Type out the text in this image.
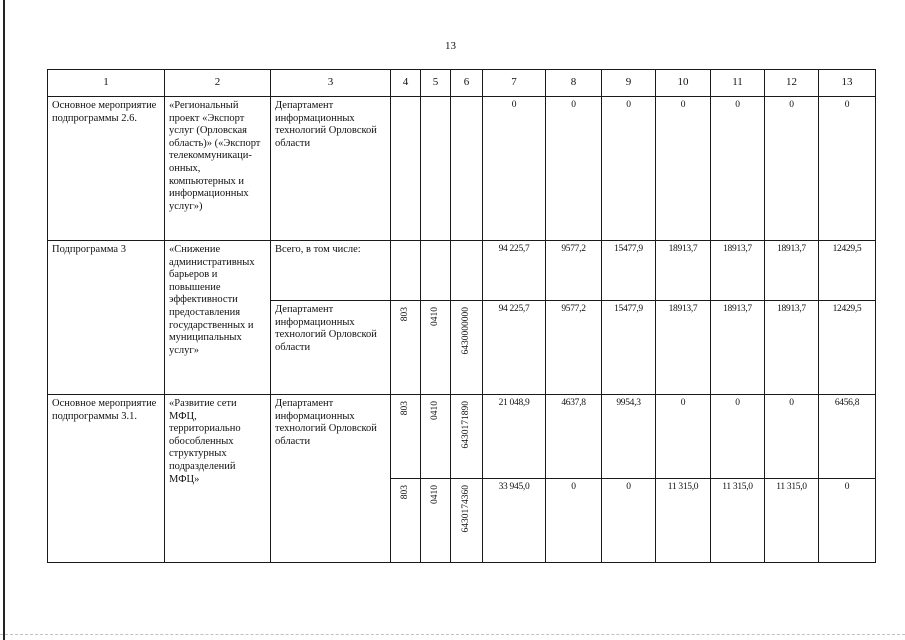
13
1	2	3	4	5	6	7	8	9	10	11	12	13
Основное мероприятие подпрограммы 2.6.	«Региональный проект «Экспорт услуг (Орловская область)» («Экспорт телекоммуникаци-онных, компьютерных и информационных услуг»)	Департамент информационных технологий Орловской области				0	0	0	0	0	0	0
Подпрограмма 3	«Снижение административных барьеров и повышение эффективности предоставления государственных и муниципальных услуг»	Всего, в том числе:				94 225,7	9577,2	15477,9	18913,7	18913,7	18913,7	12429,5
		Департамент информационных технологий Орловской области	803	0410	6430000000	94 225,7	9577,2	15477,9	18913,7	18913,7	18913,7	12429,5
Основное мероприятие подпрограммы 3.1.	«Развитие сети МФЦ, территориально обособленных структурных подразделений МФЦ»	Департамент информационных технологий Орловской области	803	0410	6430171890	21 048,9	4637,8	9954,3	0	0	0	6456,8

			803	0410	6430174360	33 945,0	0	0	11 315,0	11 315,0	11 315,0	0
